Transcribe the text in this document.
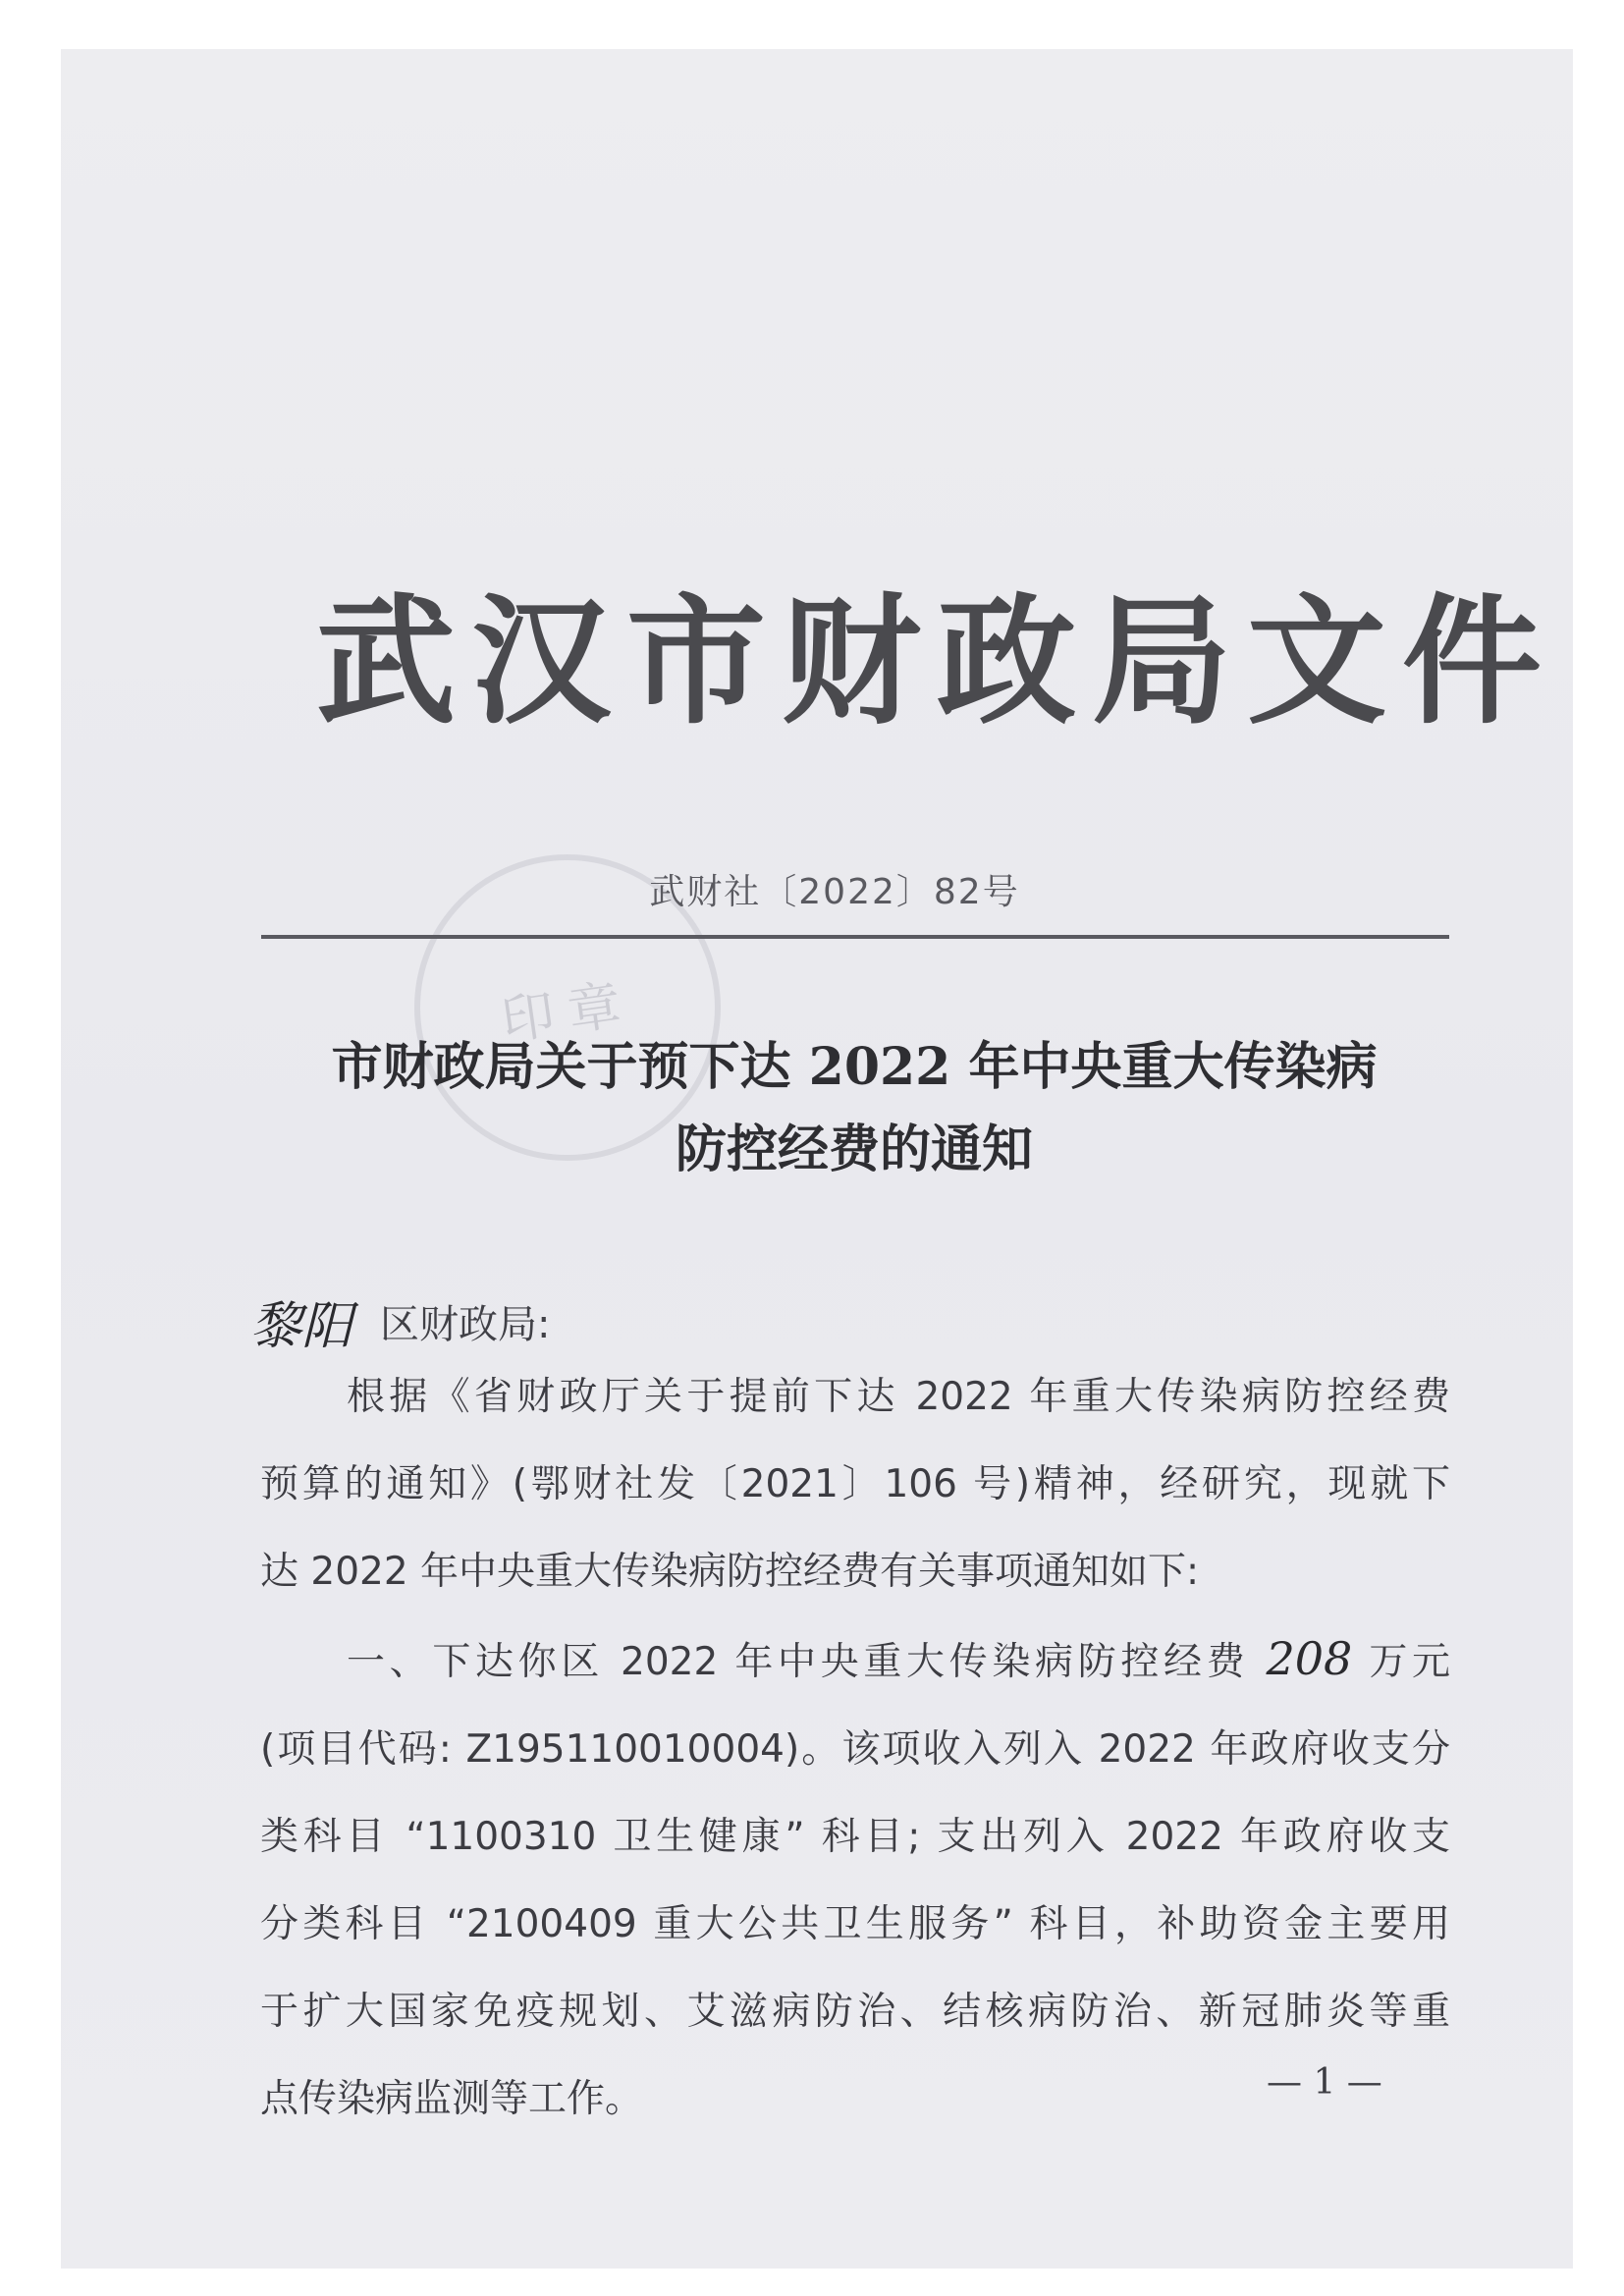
印章
武汉市财政局文件
武财社〔2022〕82号
市财政局关于预下达 2022 年中央重大传染病
防控经费的通知
黎阳 区财政局:
根据《省财政厅关于提前下达 2022 年重大传染病防控经费
预算的通知》(鄂财社发〔2021〕106 号)精神，经研究，现就下
达 2022 年中央重大传染病防控经费有关事项通知如下:
一、下达你区 2022 年中央重大传染病防控经费 208 万元
(项目代码: Z195110010004)。该项收入列入 2022 年政府收支分
类科目 “1100310 卫生健康” 科目; 支出列入 2022 年政府收支
分类科目 “2100409 重大公共卫生服务” 科目，补助资金主要用
于扩大国家免疫规划、艾滋病防治、结核病防治、新冠肺炎等重
点传染病监测等工作。	— 1 —
